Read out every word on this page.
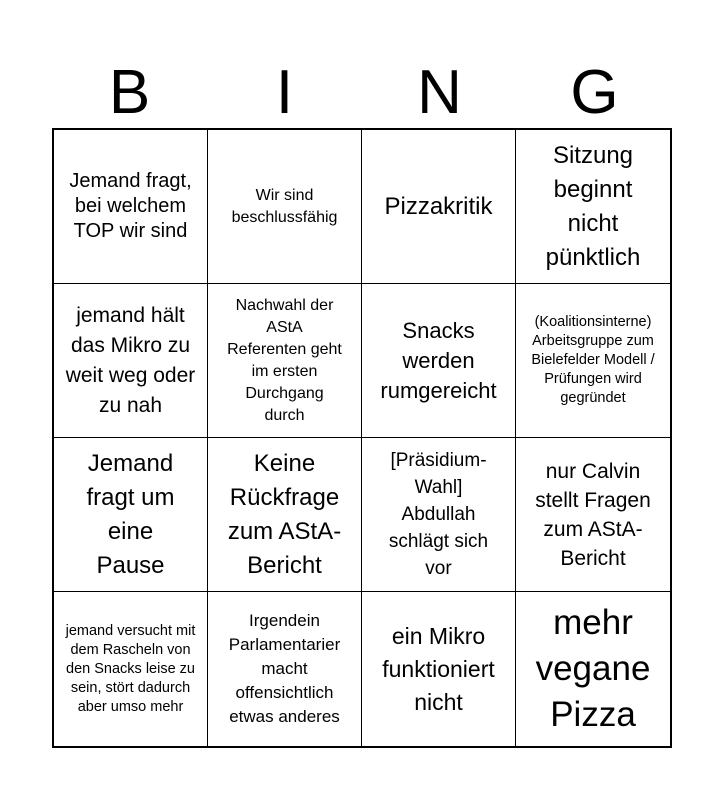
B	I	N	G
Jemand fragt,
bei welchem TOP wir sind
Wir sind beschlussfähig	Pizzakritik
Sitzung beginnt nicht pünktlich
jemand hält das Mikro zu weit weg oder zu nah
Nachwahl der AStA Referenten geht im ersten Durchgang durch
Snacks werden rumgereicht
(Koalitionsinterne) Arbeitsgruppe zum Bielefelder Modell / Prüfungen wird gegründet
Jemand fragt um eine Pause
Keine Rückfrage zum AStA-Bericht
[Präsidium-Wahl] Abdullah schlägt sich vor
nur Calvin stellt Fragen zum AStA-Bericht
jemand versucht mit dem Rascheln von den Snacks leise zu sein, stört dadurch aber umso mehr
Irgendein Parlamentarier macht offensichtlich etwas anderes
ein Mikro funktioniert nicht
mehr vegane Pizza
